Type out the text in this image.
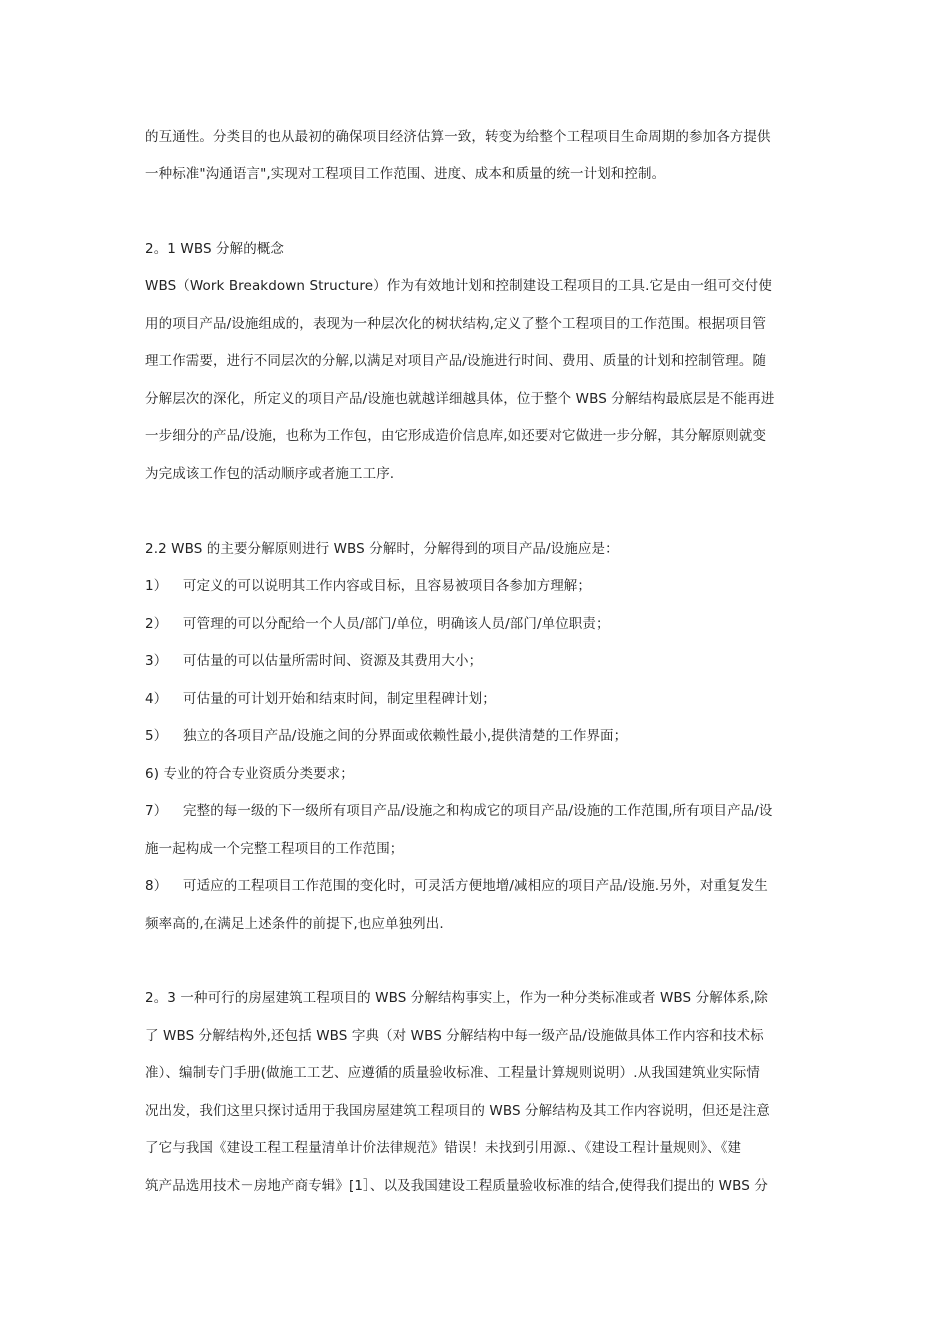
的互通性。分类目的也从最初的确保项目经济估算一致，转变为给整个工程项目生命周期的参加各方提供
一种标准"沟通语言",实现对工程项目工作范围、进度、成本和质量的统一计划和控制。
2。1 WBS 分解的概念
WBS（Work Breakdown Structure）作为有效地计划和控制建设工程项目的工具.它是由一组可交付使
用的项目产品/设施组成的，表现为一种层次化的树状结构,定义了整个工程项目的工作范围。根据项目管
理工作需要，进行不同层次的分解,以满足对项目产品/设施进行时间、费用、质量的计划和控制管理。随
分解层次的深化，所定义的项目产品/设施也就越详细越具体，位于整个 WBS 分解结构最底层是不能再进
一步细分的产品/设施，也称为工作包，由它形成造价信息库,如还要对它做进一步分解，其分解原则就变
为完成该工作包的活动顺序或者施工工序.
2.2 WBS 的主要分解原则进行 WBS 分解时，分解得到的项目产品/设施应是：
1） 可定义的可以说明其工作内容或目标，且容易被项目各参加方理解；
2） 可管理的可以分配给一个人员/部门/单位，明确该人员/部门/单位职责；
3） 可估量的可以估量所需时间、资源及其费用大小；
4） 可估量的可计划开始和结束时间，制定里程碑计划；
5） 独立的各项目产品/设施之间的分界面或依赖性最小,提供清楚的工作界面；
6) 专业的符合专业资质分类要求；
7） 完整的每一级的下一级所有项目产品/设施之和构成它的项目产品/设施的工作范围,所有项目产品/设
施一起构成一个完整工程项目的工作范围；
8） 可适应的工程项目工作范围的变化时，可灵活方便地增/减相应的项目产品/设施.另外，对重复发生
频率高的,在满足上述条件的前提下,也应单独列出.
2。3 一种可行的房屋建筑工程项目的 WBS 分解结构事实上，作为一种分类标准或者 WBS 分解体系,除
了 WBS 分解结构外,还包括 WBS 字典（对 WBS 分解结构中每一级产品/设施做具体工作内容和技术标
准）、编制专门手册(做施工工艺、应遵循的质量验收标准、工程量计算规则说明）.从我国建筑业实际情
况出发，我们这里只探讨适用于我国房屋建筑工程项目的 WBS 分解结构及其工作内容说明，但还是注意
了它与我国《建设工程工程量清单计价法律规范》错误！未找到引用源.、《建设工程计量规则》、《建
筑产品选用技术－房地产商专辑》[1］、以及我国建设工程质量验收标准的结合,使得我们提出的 WBS 分
